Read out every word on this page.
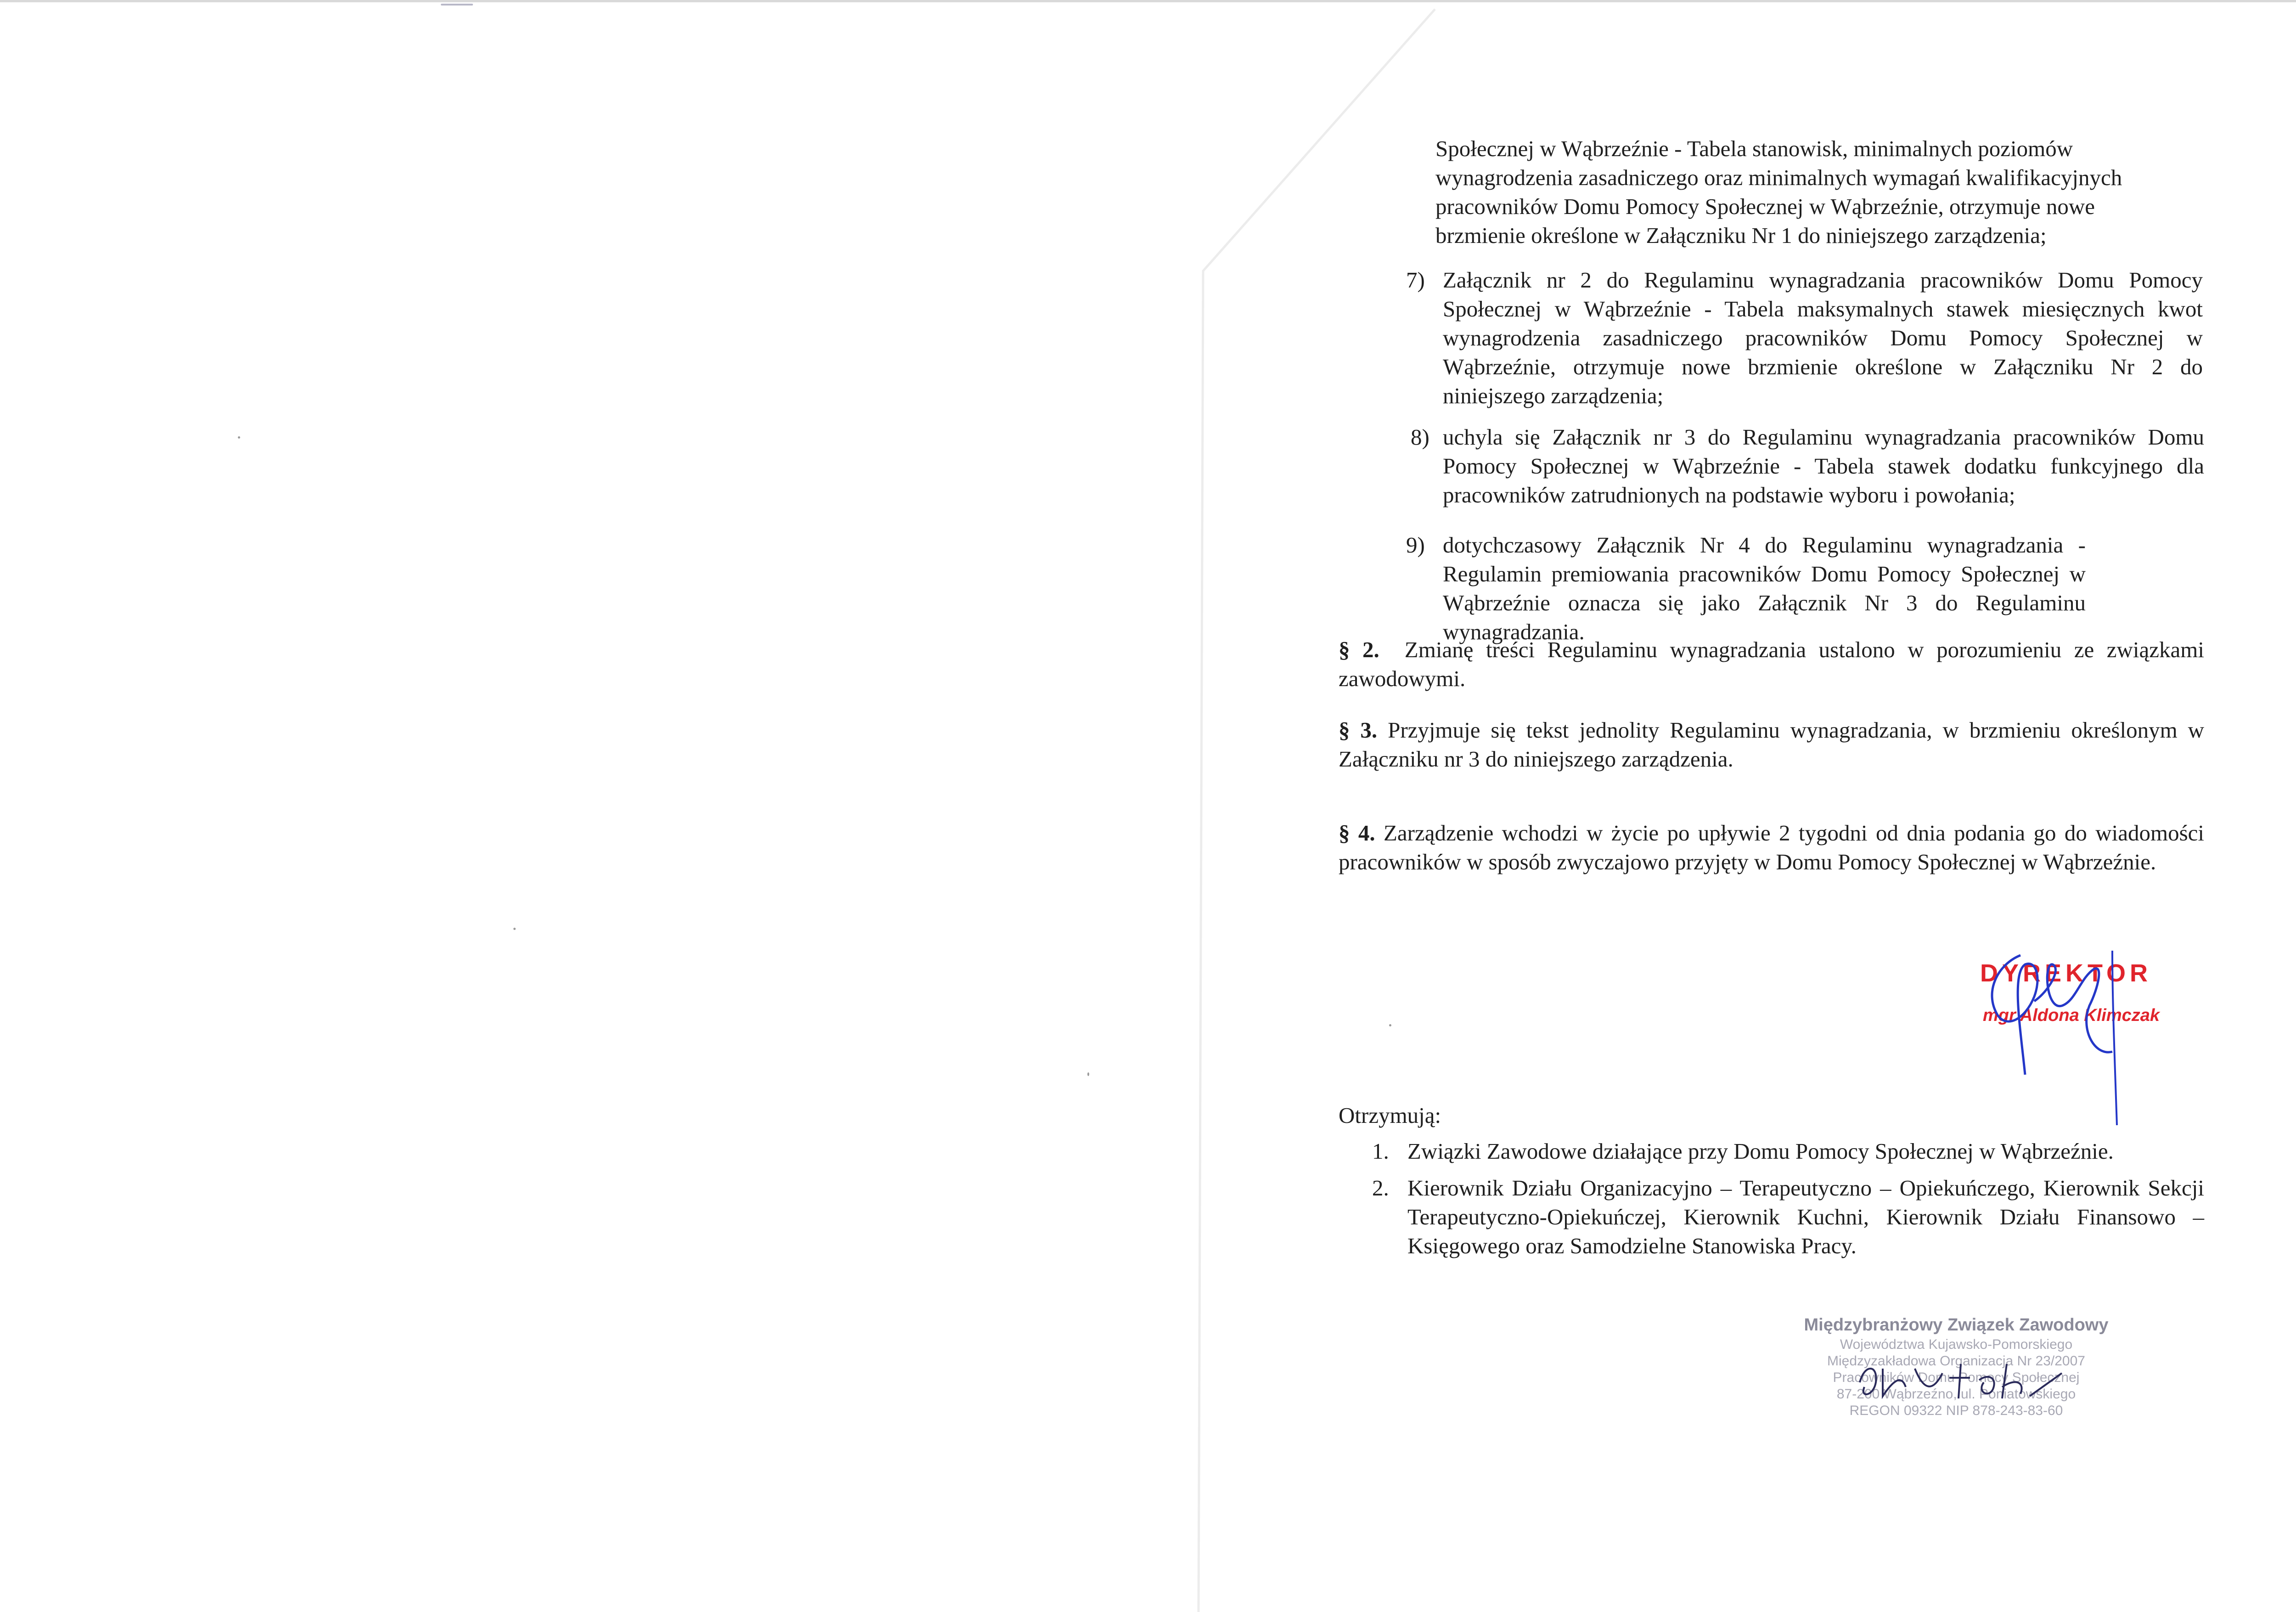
Społecznej w Wąbrzeźnie - Tabela stanowisk, minimalnych poziomów
wynagrodzenia zasadniczego oraz minimalnych wymagań kwalifikacyjnych
pracowników Domu Pomocy Społecznej w Wąbrzeźnie, otrzymuje nowe
brzmienie określone w Załączniku Nr 1 do niniejszego zarządzenia;
7) Załącznik nr 2 do Regulaminu wynagradzania pracowników Domu Pomocy Społecznej w Wąbrzeźnie - Tabela maksymalnych stawek miesięcznych kwot wynagrodzenia zasadniczego pracowników Domu Pomocy Społecznej w Wąbrzeźnie, otrzymuje nowe brzmienie określone w Załączniku Nr 2 do niniejszego zarządzenia;
8) uchyla się Załącznik nr 3 do Regulaminu wynagradzania pracowników Domu Pomocy Społecznej w Wąbrzeźnie - Tabela stawek dodatku funkcyjnego dla pracowników zatrudnionych na podstawie wyboru i powołania;
9) dotychczasowy Załącznik Nr 4 do Regulaminu wynagradzania - Regulamin premiowania pracowników Domu Pomocy Społecznej w Wąbrzeźnie oznacza się jako Załącznik Nr 3 do Regulaminu wynagradzania.
§ 2. Zmianę treści Regulaminu wynagradzania ustalono w porozumieniu ze związkami zawodowymi.
§ 3. Przyjmuje się tekst jednolity Regulaminu wynagradzania, w brzmieniu określonym w Załączniku nr 3 do niniejszego zarządzenia.
§ 4. Zarządzenie wchodzi w życie po upływie 2 tygodni od dnia podania go do wiadomości pracowników w sposób zwyczajowo przyjęty w Domu Pomocy Społecznej w Wąbrzeźnie.
DYREKTOR
mgr Aldona Klimczak
Otrzymują:
1. Związki Zawodowe działające przy Domu Pomocy Społecznej w Wąbrzeźnie.
2. Kierownik Działu Organizacyjno – Terapeutyczno – Opiekuńczego, Kierownik Sekcji Terapeutyczno-Opiekuńczej, Kierownik Kuchni, Kierownik Działu Finansowo – Księgowego oraz Samodzielne Stanowiska Pracy.
Międzybranżowy Związek Zawodowy
Województwa Kujawsko-Pomorskiego
Międzyzakładowa Organizacja Nr 23/2007
Pracowników Domu Pomocy Społecznej
87-200 Wąbrzeźno, ul. Poniatowskiego
REGON 09322 NIP 878-243-83-60
